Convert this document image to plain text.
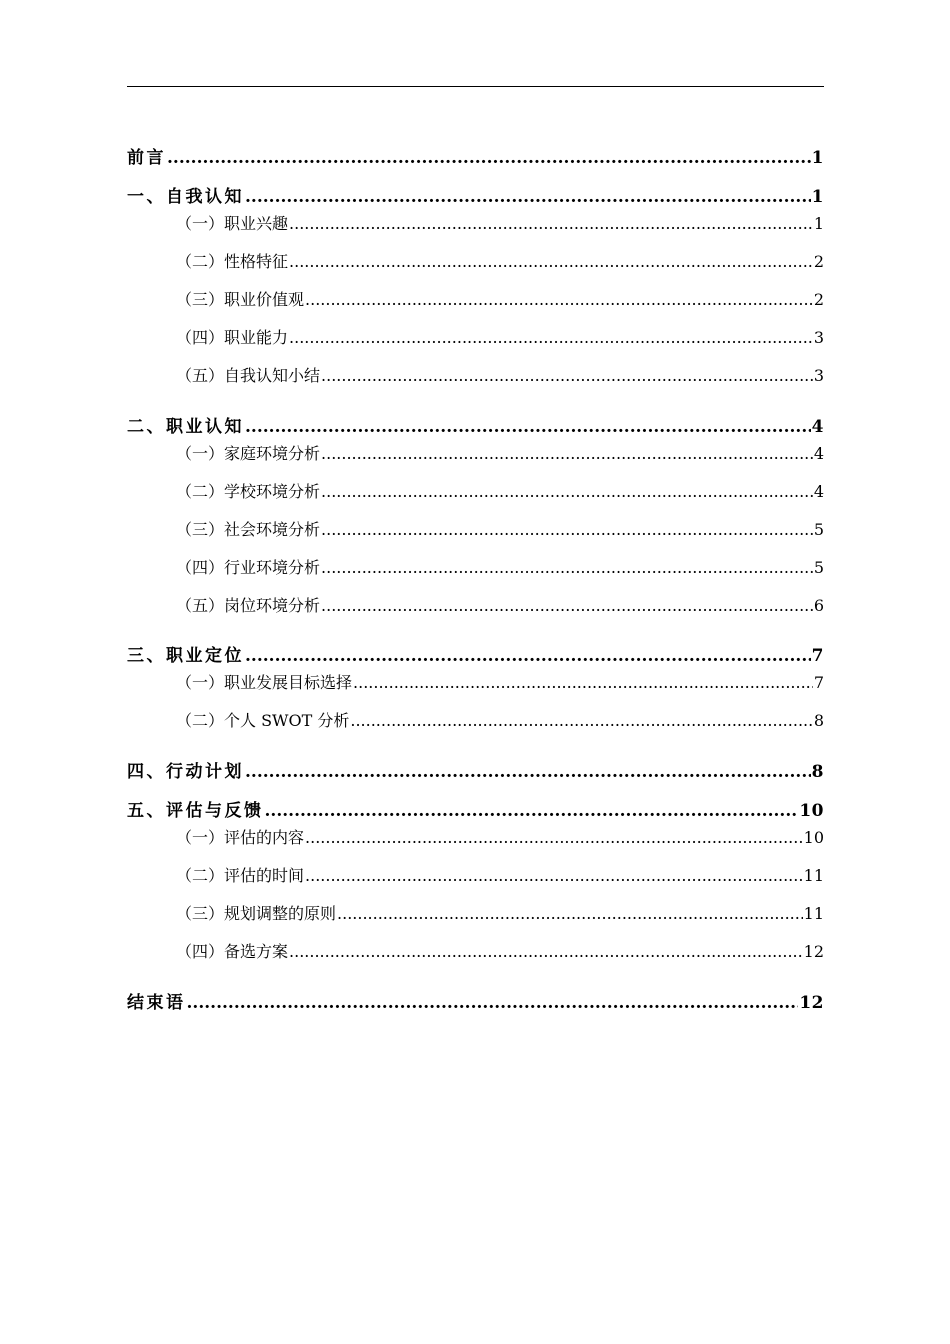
前言 .....	1
一、自我认知 .....	1
（一）职业兴趣 .....	1
（二）性格特征 .....	2
（三）职业价值观 .....	2
（四）职业能力 .....	3
（五）自我认知小结 .....	3
二、职业认知 .....	4
（一）家庭环境分析 .....	4
（二）学校环境分析 .....	4
（三）社会环境分析 .....	5
（四）行业环境分析 .....	5
（五）岗位环境分析 .....	6
三、职业定位 .....	7
（一）职业发展目标选择 .....	7
（二）个人 SWOT 分析 .....	8
四、行动计划 .....	8
五、评估与反馈 .....	10
（一）评估的内容 .....	10
（二）评估的时间 .....	11
（三）规划调整的原则 .....	11
（四）备选方案 .....	12
结束语 .....	12
